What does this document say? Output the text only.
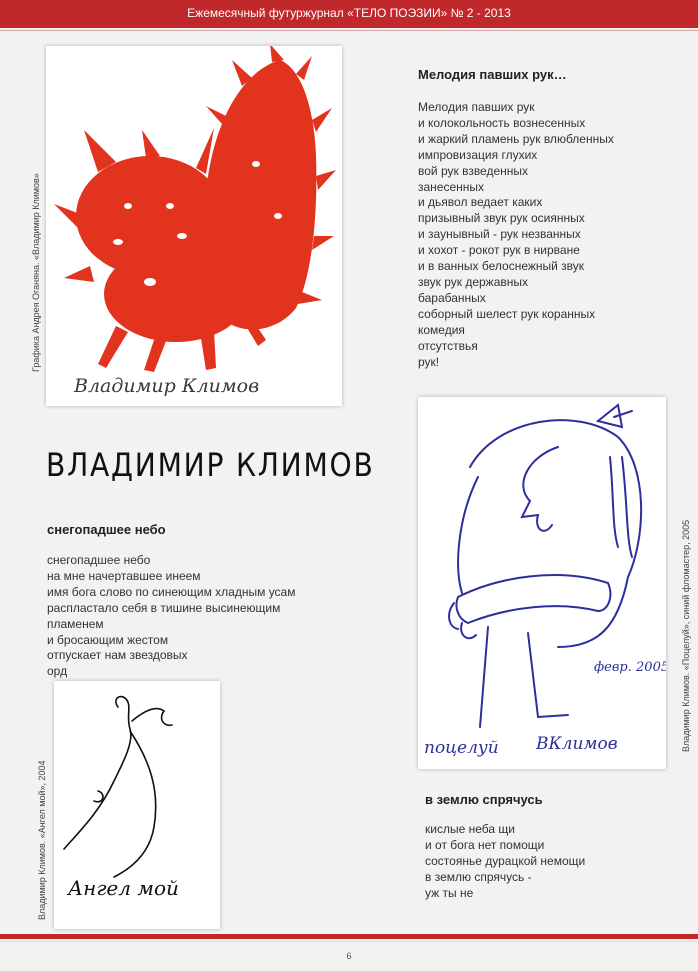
Ежемесячный футуржурнал «ТЕЛО ПОЭЗИИ» № 2 - 2013
Владимир Климов
Графика Андрея Оганяна. «Владимир Климов»
Мелодия павших рук…
Мелодия павших рук
и колокольность вознесенных
и жаркий пламень рук влюбленных
импровизация глухих
вой рук взведенных
занесенных
и дьявол ведает каких
призывный звук рук осиянных
и заунывный - рук незванных
и хохот - рокот рук в нирване
и в ванных белоснежный звук
звук рук державных
барабанных
соборный шелест рук коранных
комедия
отсутствья
рук!
ВЛАДИМИР КЛИМОВ
снегопадшее небо
снегопадшее небо
на мне начертавшее инеем
имя бога слово по синеющим хладным усам
распластало себя в тишине высинеющим
пламенем
и бросающим жестом
отпускает нам звездовых
орд
поцелуй ВКлимов
февр. 2005 Владимир Климов. «Поцелуй», синий фломастер, 2005
Ангел мой
Владимир Климов. «Ангел мой», 2004	в землю спрячусь
кислые неба щи
и от бога нет помощи
состоянье дурацкой немощи
в землю спрячусь -
уж ты не
6
